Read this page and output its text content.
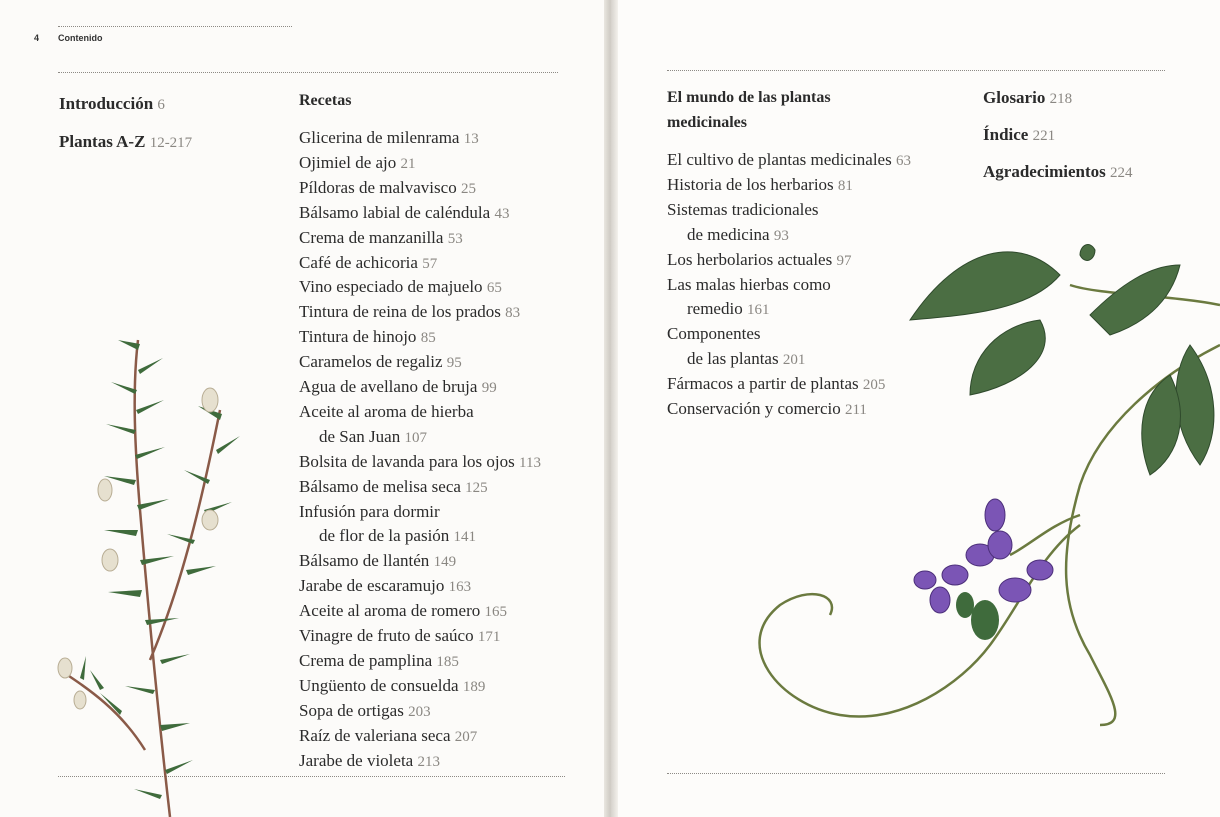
4 Contenido
Introducción 6
Plantas A-Z 12-217
Recetas
Glicerina de milenrama 13
Ojimiel de ajo 21
Píldoras de malvavisco 25
Bálsamo labial de caléndula 43
Crema de manzanilla 53
Café de achicoria 57
Vino especiado de majuelo 65
Tintura de reina de los prados 83
Tintura de hinojo 85
Caramelos de regaliz 95
Agua de avellano de bruja 99
Aceite al aroma de hierba
de San Juan 107
Bolsita de lavanda para los ojos 113
Bálsamo de melisa seca 125
Infusión para dormir
de flor de la pasión 141
Bálsamo de llantén 149
Jarabe de escaramujo 163
Aceite al aroma de romero 165
Vinagre de fruto de saúco 171
Crema de pamplina 185
Ungüento de consuelda 189
Sopa de ortigas 203
Raíz de valeriana seca 207
Jarabe de violeta 213
El mundo de las plantas
medicinales
El cultivo de plantas medicinales 63
Historia de los herbarios 81
Sistemas tradicionales
de medicina 93
Los herbolarios actuales 97
Las malas hierbas como
remedio 161
Componentes
de las plantas 201
Fármacos a partir de plantas 205
Conservación y comercio 211
Glosario 218
Índice 221
Agradecimientos 224
